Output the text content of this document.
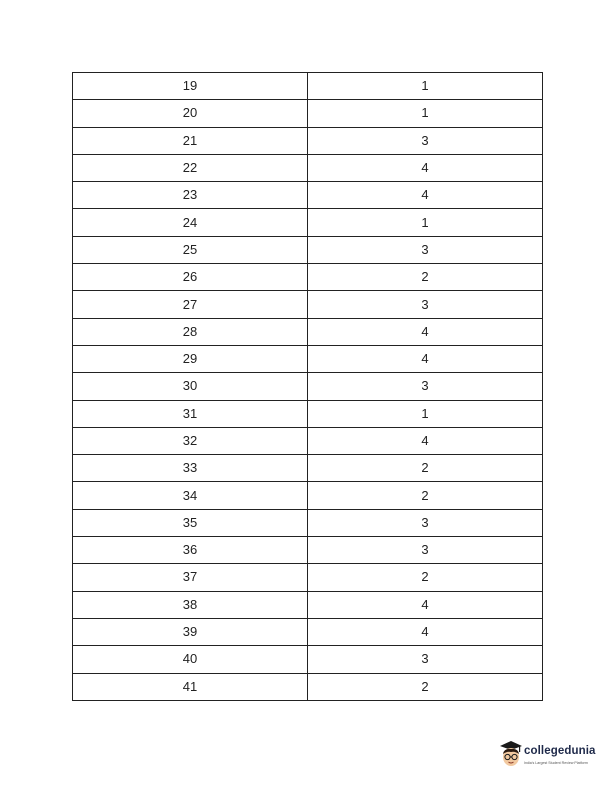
19	1
20	1
21	3
22	4
23	4
24	1
25	3
26	2
27	3
28	4
29	4
30	3
31	1
32	4
33	2
34	2
35	3
36	3
37	2
38	4
39	4
40	3
41	2
collegedunia
India's Largest Student Review Platform
